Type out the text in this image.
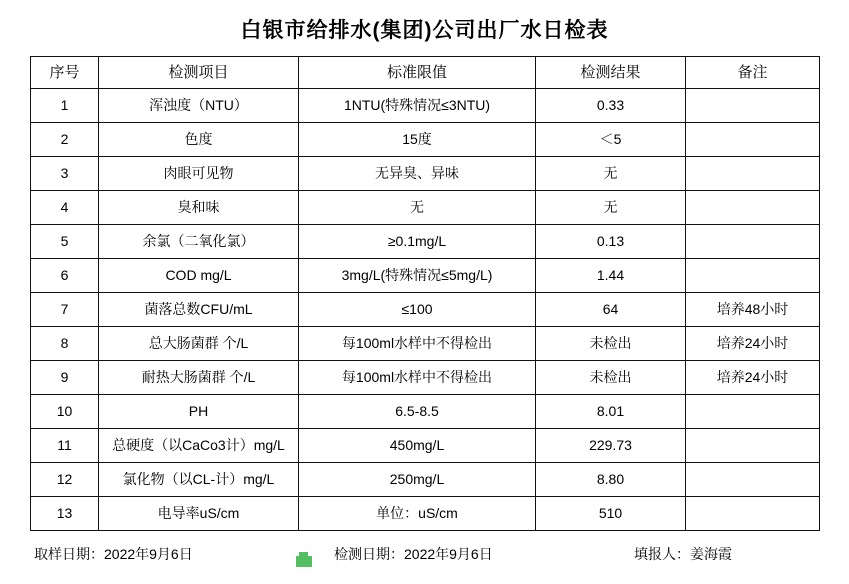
白银市给排水(集团)公司出厂水日检表
序号	检测项目	标准限值	检测结果	备注
1	浑浊度（NTU）	1NTU(特殊情况≤3NTU)	0.33	
2	色度	15度	＜5	
3	肉眼可见物	无异臭、异味	无	
4	臭和味	无	无	
5	余氯（二氧化氯）	≥0.1mg/L	0.13	
6	COD mg/L	3mg/L(特殊情况≤5mg/L)	1.44	
7	菌落总数CFU/mL	≤100	64	培养48小时
8	总大肠菌群 个/L	每100ml水样中不得检出	未检出	培养24小时
9	耐热大肠菌群 个/L	每100ml水样中不得检出	未检出	培养24小时
10	PH	6.5-8.5	8.01	
11	总硬度（以CaCo3计）mg/L	450mg/L	229.73	
12	氯化物（以CL-计）mg/L	250mg/L	8.80	
13	电导率uS/cm	单位：uS/cm	510	
取样日期：2022年9月6日	检测日期：2022年9月6日	填报人：姜海霞
